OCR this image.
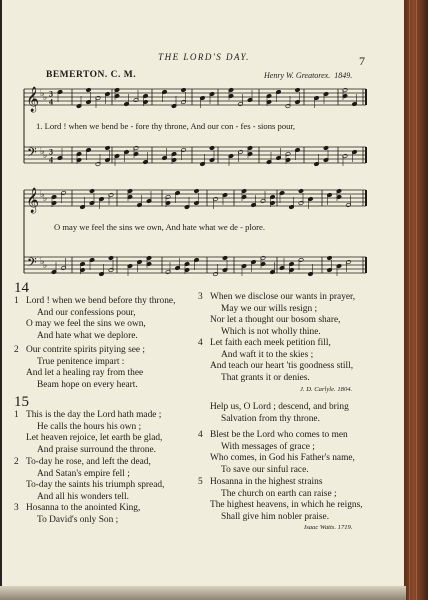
THE LORD'S DAY.	7
BEMERTON. C. M.	Henry W. Greatorex. 1849.
𝄞
𝄢
♭
♭ 3
4
♭
♭ 3
4
𝄞
𝄢
♭
♭
♭
♭
1. Lord ! when we bend be - fore thy throne, And our con - fes - sions pour,
O may we feel the sins we own, And hate what we de - plore.
14
1 Lord ! when we bend before thy throne,
And our confessions pour,
O may we feel the sins we own,
And hate what we deplore.
2 Our contrite spirits pitying see ;
True penitence impart :
And let a healing ray from thee
Beam hope on every heart.
3 When we disclose our wants in prayer,
May we our wills resign ;
Nor let a thought our bosom share,
Which is not wholly thine.
4 Let faith each meek petition fill,
And waft it to the skies ;
And teach our heart 'tis goodness still,
That grants it or denies.
J. D. Carlyle. 1804.
15
1 This is the day the Lord hath made ;
He calls the hours his own ;
Let heaven rejoice, let earth be glad,
And praise surround the throne.
2 To-day he rose, and left the dead,
And Satan's empire fell ;
To-day the saints his triumph spread,
And all his wonders tell.
3 Hosanna to the anointed King,
To David's only Son ;
Help us, O Lord ; descend, and bring
Salvation from thy throne.
4 Blest be the Lord who comes to men
With messages of grace ;
Who comes, in God his Father's name,
To save our sinful race.
5 Hosanna in the highest strains
The church on earth can raise ;
The highest heavens, in which he reigns,
Shall give him nobler praise.
Isaac Watts. 1719.
